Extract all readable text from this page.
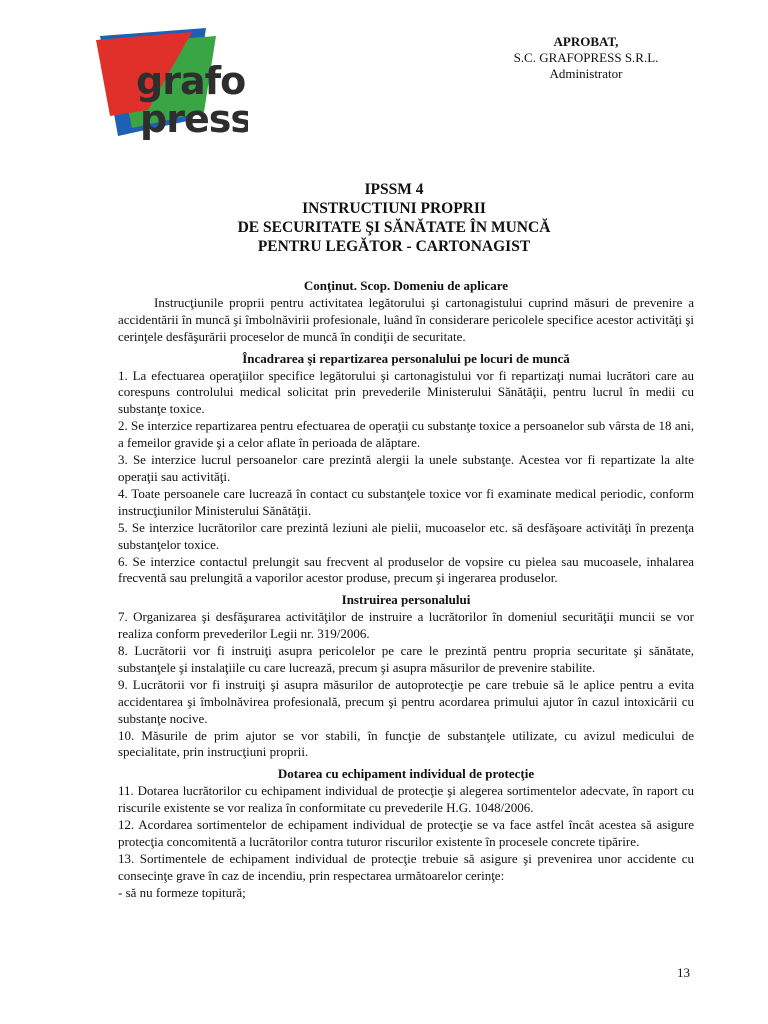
grafo
press
APROBAT,
S.C. GRAFOPRESS S.R.L.
Administrator
IPSSM 4
INSTRUCTIUNI PROPRII
DE SECURITATE ŞI SĂNĂTATE ÎN MUNCĂ
PENTRU LEGĂTOR - CARTONAGIST
Conţinut. Scop. Domeniu de aplicare

Instrucţiunile proprii pentru activitatea legătorului şi cartonagistului cuprind măsuri de prevenire a accidentării în muncă şi îmbolnăvirii profesionale, luând în considerare pericolele specifice acestor activităţi şi cerinţele desfăşurării proceselor de muncă în condiţii de securitate.

Încadrarea şi repartizarea personalului pe locuri de muncă

1. La efectuarea operaţiilor specifice legătorului şi cartonagistului vor fi repartizaţi numai lucrători care au corespuns controlului medical solicitat prin prevederile Ministerului Sănătăţii, pentru lucrul în medii cu substanţe toxice.

2. Se interzice repartizarea pentru efectuarea de operaţii cu substanţe toxice a persoanelor sub vârsta de 18 ani, a femeilor gravide şi a celor aflate în perioada de alăptare.

3. Se interzice lucrul persoanelor care prezintă alergii la unele substanţe. Acestea vor fi repartizate la alte operaţii sau activităţi.

4. Toate persoanele care lucrează în contact cu substanţele toxice vor fi examinate medical periodic, conform instrucţiunilor Ministerului Sănătăţii.

5. Se interzice lucrătorilor care prezintă leziuni ale pielii, mucoaselor etc. să desfăşoare activităţi în prezenţa substanţelor toxice.

6. Se interzice contactul prelungit sau frecvent al produselor de vopsire cu pielea sau mucoasele, inhalarea frecventă sau prelungită a vaporilor acestor produse, precum şi ingerarea produselor.

Instruirea personalului

7. Organizarea şi desfăşurarea activităţilor de instruire a lucrătorilor în domeniul securităţii muncii se vor realiza conform prevederilor Legii nr. 319/2006.

8. Lucrătorii vor fi instruiţi asupra pericolelor pe care le prezintă pentru propria securitate şi sănătate, substanţele şi instalaţiile cu care lucrează, precum şi asupra măsurilor de prevenire stabilite.

9. Lucrătorii vor fi instruiţi şi asupra măsurilor de autoprotecţie pe care trebuie să le aplice pentru a evita accidentarea şi îmbolnăvirea profesională, precum şi pentru acordarea primului ajutor în cazul intoxicării cu substanţe nocive.

10. Măsurile de prim ajutor se vor stabili, în funcţie de substanţele utilizate, cu avizul medicului de specialitate, prin instrucţiuni proprii.

Dotarea cu echipament individual de protecţie

11. Dotarea lucrătorilor cu echipament individual de protecţie şi alegerea sortimentelor adecvate, în raport cu riscurile existente se vor realiza în conformitate cu prevederile H.G. 1048/2006.

12. Acordarea sortimentelor de echipament individual de protecţie se va face astfel încât acestea să asigure protecţia concomitentă a lucrătorilor contra tuturor riscurilor existente în procesele concrete tipărire.

13. Sortimentele de echipament individual de protecţie trebuie să asigure şi prevenirea unor accidente cu consecinţe grave în caz de incendiu, prin respectarea următoarelor cerinţe:

- să nu formeze topitură;

13
